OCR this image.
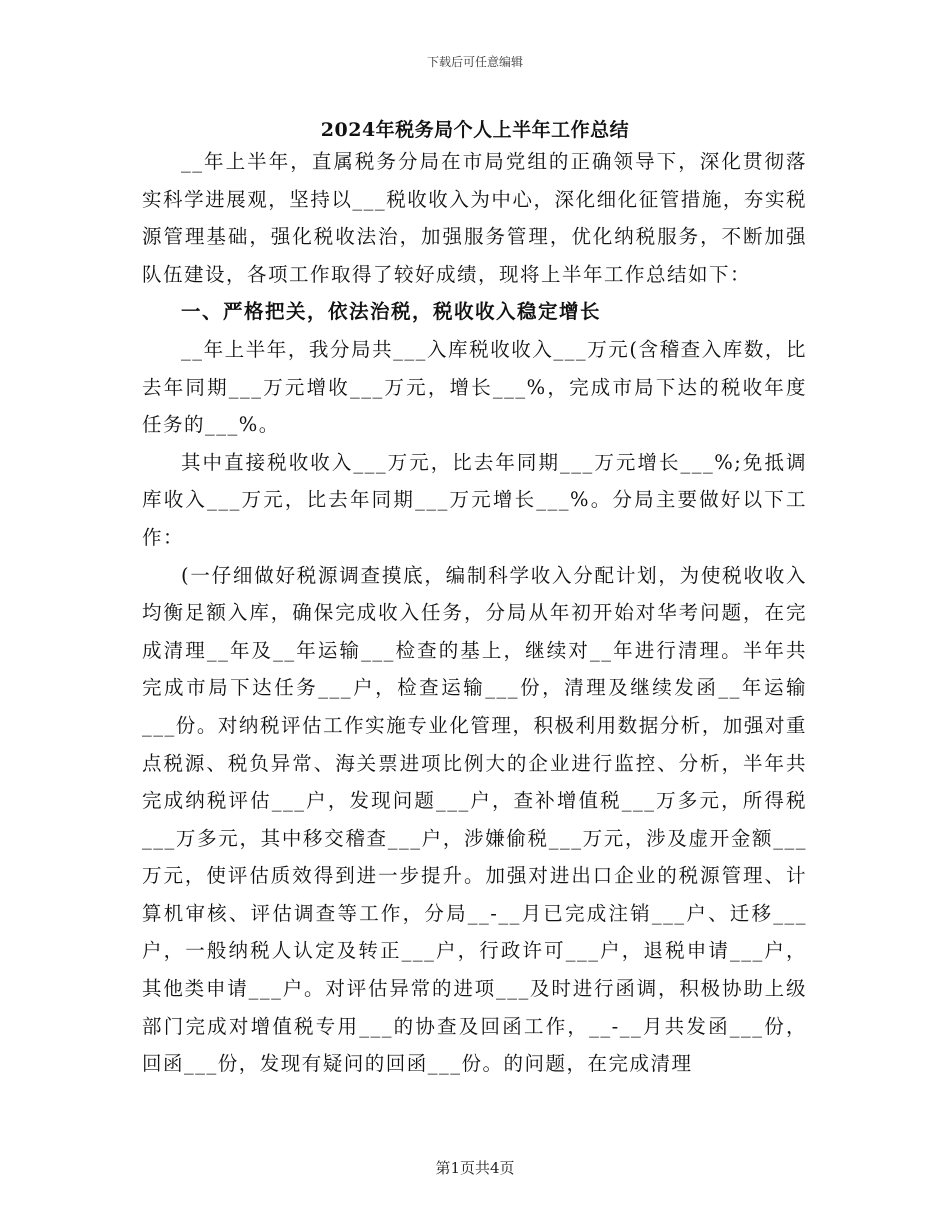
下载后可任意编辑
2024年税务局个人上半年工作总结

__年上半年，直属税务分局在市局党组的正确领导下，深化贯彻落实科学进展观，坚持以___税收收入为中心，深化细化征管措施，夯实税源管理基础，强化税收法治，加强服务管理，优化纳税服务，不断加强队伍建设，各项工作取得了较好成绩，现将上半年工作总结如下：

一、严格把关，依法治税，税收收入稳定增长

__年上半年，我分局共___入库税收收入___万元(含稽查入库数，比去年同期___万元增收___万元，增长___%，完成市局下达的税收年度任务的___%。

其中直接税收收入___万元，比去年同期___万元增长___%;免抵调库收入___万元，比去年同期___万元增长___%。分局主要做好以下工作：

(一仔细做好税源调查摸底，编制科学收入分配计划，为使税收收入均衡足额入库，确保完成收入任务，分局从年初开始对华考问题，在完成清理__年及__年运输___检查的基上，继续对__年进行清理。半年共完成市局下达任务___户，检查运输___份，清理及继续发函__年运输___份。对纳税评估工作实施专业化管理，积极利用数据分析，加强对重点税源、税负异常、海关票进项比例大的企业进行监控、分析，半年共完成纳税评估___户，发现问题___户，查补增值税___万多元，所得税___万多元，其中移交稽查___户，涉嫌偷税___万元，涉及虚开金额___万元，使评估质效得到进一步提升。加强对进出口企业的税源管理、计算机审核、评估调查等工作，分局__-__月已完成注销___户、迁移___户，一般纳税人认定及转正___户，行政许可___户，退税申请___户，其他类申请___户。对评估异常的进项___及时进行函调，积极协助上级部门完成对增值税专用___的协查及回函工作，__-__月共发函___份，回函___份，发现有疑问的回函___份。的问题，在完成清理

第1页共4页
